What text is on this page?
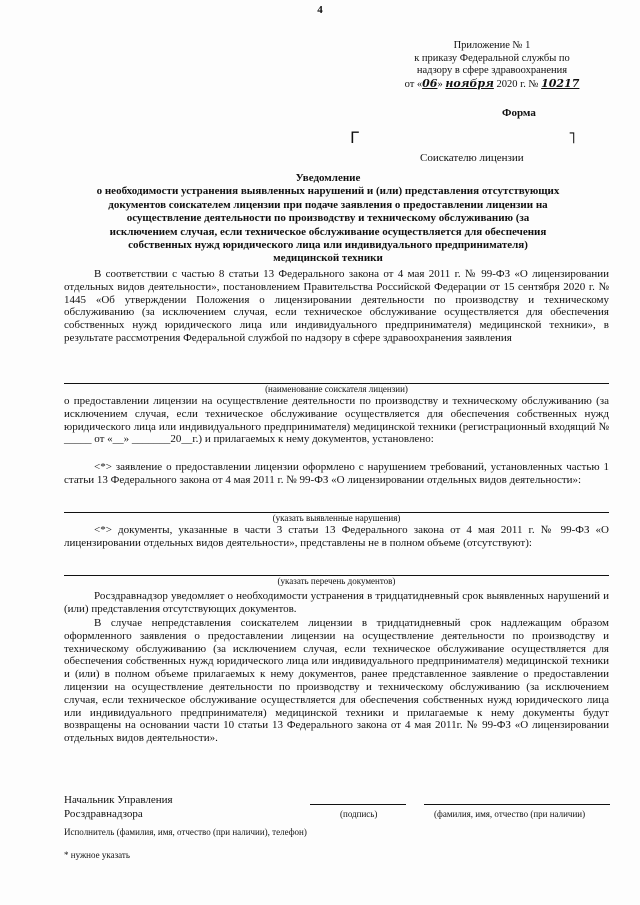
4
Приложение № 1
к приказу Федеральной службы по
надзору в сфере здравоохранения
от «06» ноября 2020 г. № 10217
Форма
Г	˥
Соискателю лицензии
Уведомление
о необходимости устранения выявленных нарушений и (или) представления отсутствующих
документов соискателем лицензии при подаче заявления о предоставлении лицензии на
осуществление деятельности по производству и техническому обслуживанию (за
исключением случая, если техническое обслуживание осуществляется для обеспечения
собственных нужд юридического лица или индивидуального предпринимателя)
медицинской техники
В соответствии с частью 8 статьи 13 Федерального закона от 4 мая 2011 г. № 99-ФЗ «О лицензировании отдельных видов деятельности», постановлением Правительства Российской Федерации от 15 сентября 2020 г. № 1445 «Об утверждении Положения о лицензировании деятельности по производству и техническому обслуживанию (за исключением случая, если техническое обслуживание осуществляется для обеспечения собственных нужд юридического лица или индивидуального предпринимателя) медицинской техники», в результате рассмотрения Федеральной службой по надзору в сфере здравоохранения заявления
(наименование соискателя лицензии)
о предоставлении лицензии на осуществление деятельности по производству и техническому обслуживанию (за исключением случая, если техническое обслуживание осуществляется для обеспечения собственных нужд юридического лица или индивидуального предпринимателя) медицинской техники (регистрационный входящий № _____ от «__» _______20__г.) и прилагаемых к нему документов, установлено:
<*> заявление о предоставлении лицензии оформлено с нарушением требований, установленных частью 1 статьи 13 Федерального закона от 4 мая 2011 г. № 99-ФЗ «О лицензировании отдельных видов деятельности»:
(указать выявленные нарушения)
<*> документы, указанные в части 3 статьи 13 Федерального закона от 4 мая 2011 г. № 99-ФЗ «О лицензировании отдельных видов деятельности», представлены не в полном объеме (отсутствуют):
(указать перечень документов)
Росздравнадзор уведомляет о необходимости устранения в тридцатидневный срок выявленных нарушений и (или) представления отсутствующих документов.
В случае непредставления соискателем лицензии в тридцатидневный срок надлежащим образом оформленного заявления о предоставлении лицензии на осуществление деятельности по производству и техническому обслуживанию (за исключением случая, если техническое обслуживание осуществляется для обеспечения собственных нужд юридического лица или индивидуального предпринимателя) медицинской техники и (или) в полном объеме прилагаемых к нему документов, ранее представленное заявление о предоставлении лицензии на осуществление деятельности по производству и техническому обслуживанию (за исключением случая, если техническое обслуживание осуществляется для обеспечения собственных нужд юридического лица или индивидуального предпринимателя) медицинской техники и прилагаемые к нему документы будут возвращены на основании части 10 статьи 13 Федерального закона от 4 мая 2011г. № 99-ФЗ «О лицензировании отдельных видов деятельности».
Начальник Управления
Росздравнадзора	(подпись)	(фамилия, имя, отчество (при наличии)
Исполнитель (фамилия, имя, отчество (при наличии), телефон)
* нужное указать
